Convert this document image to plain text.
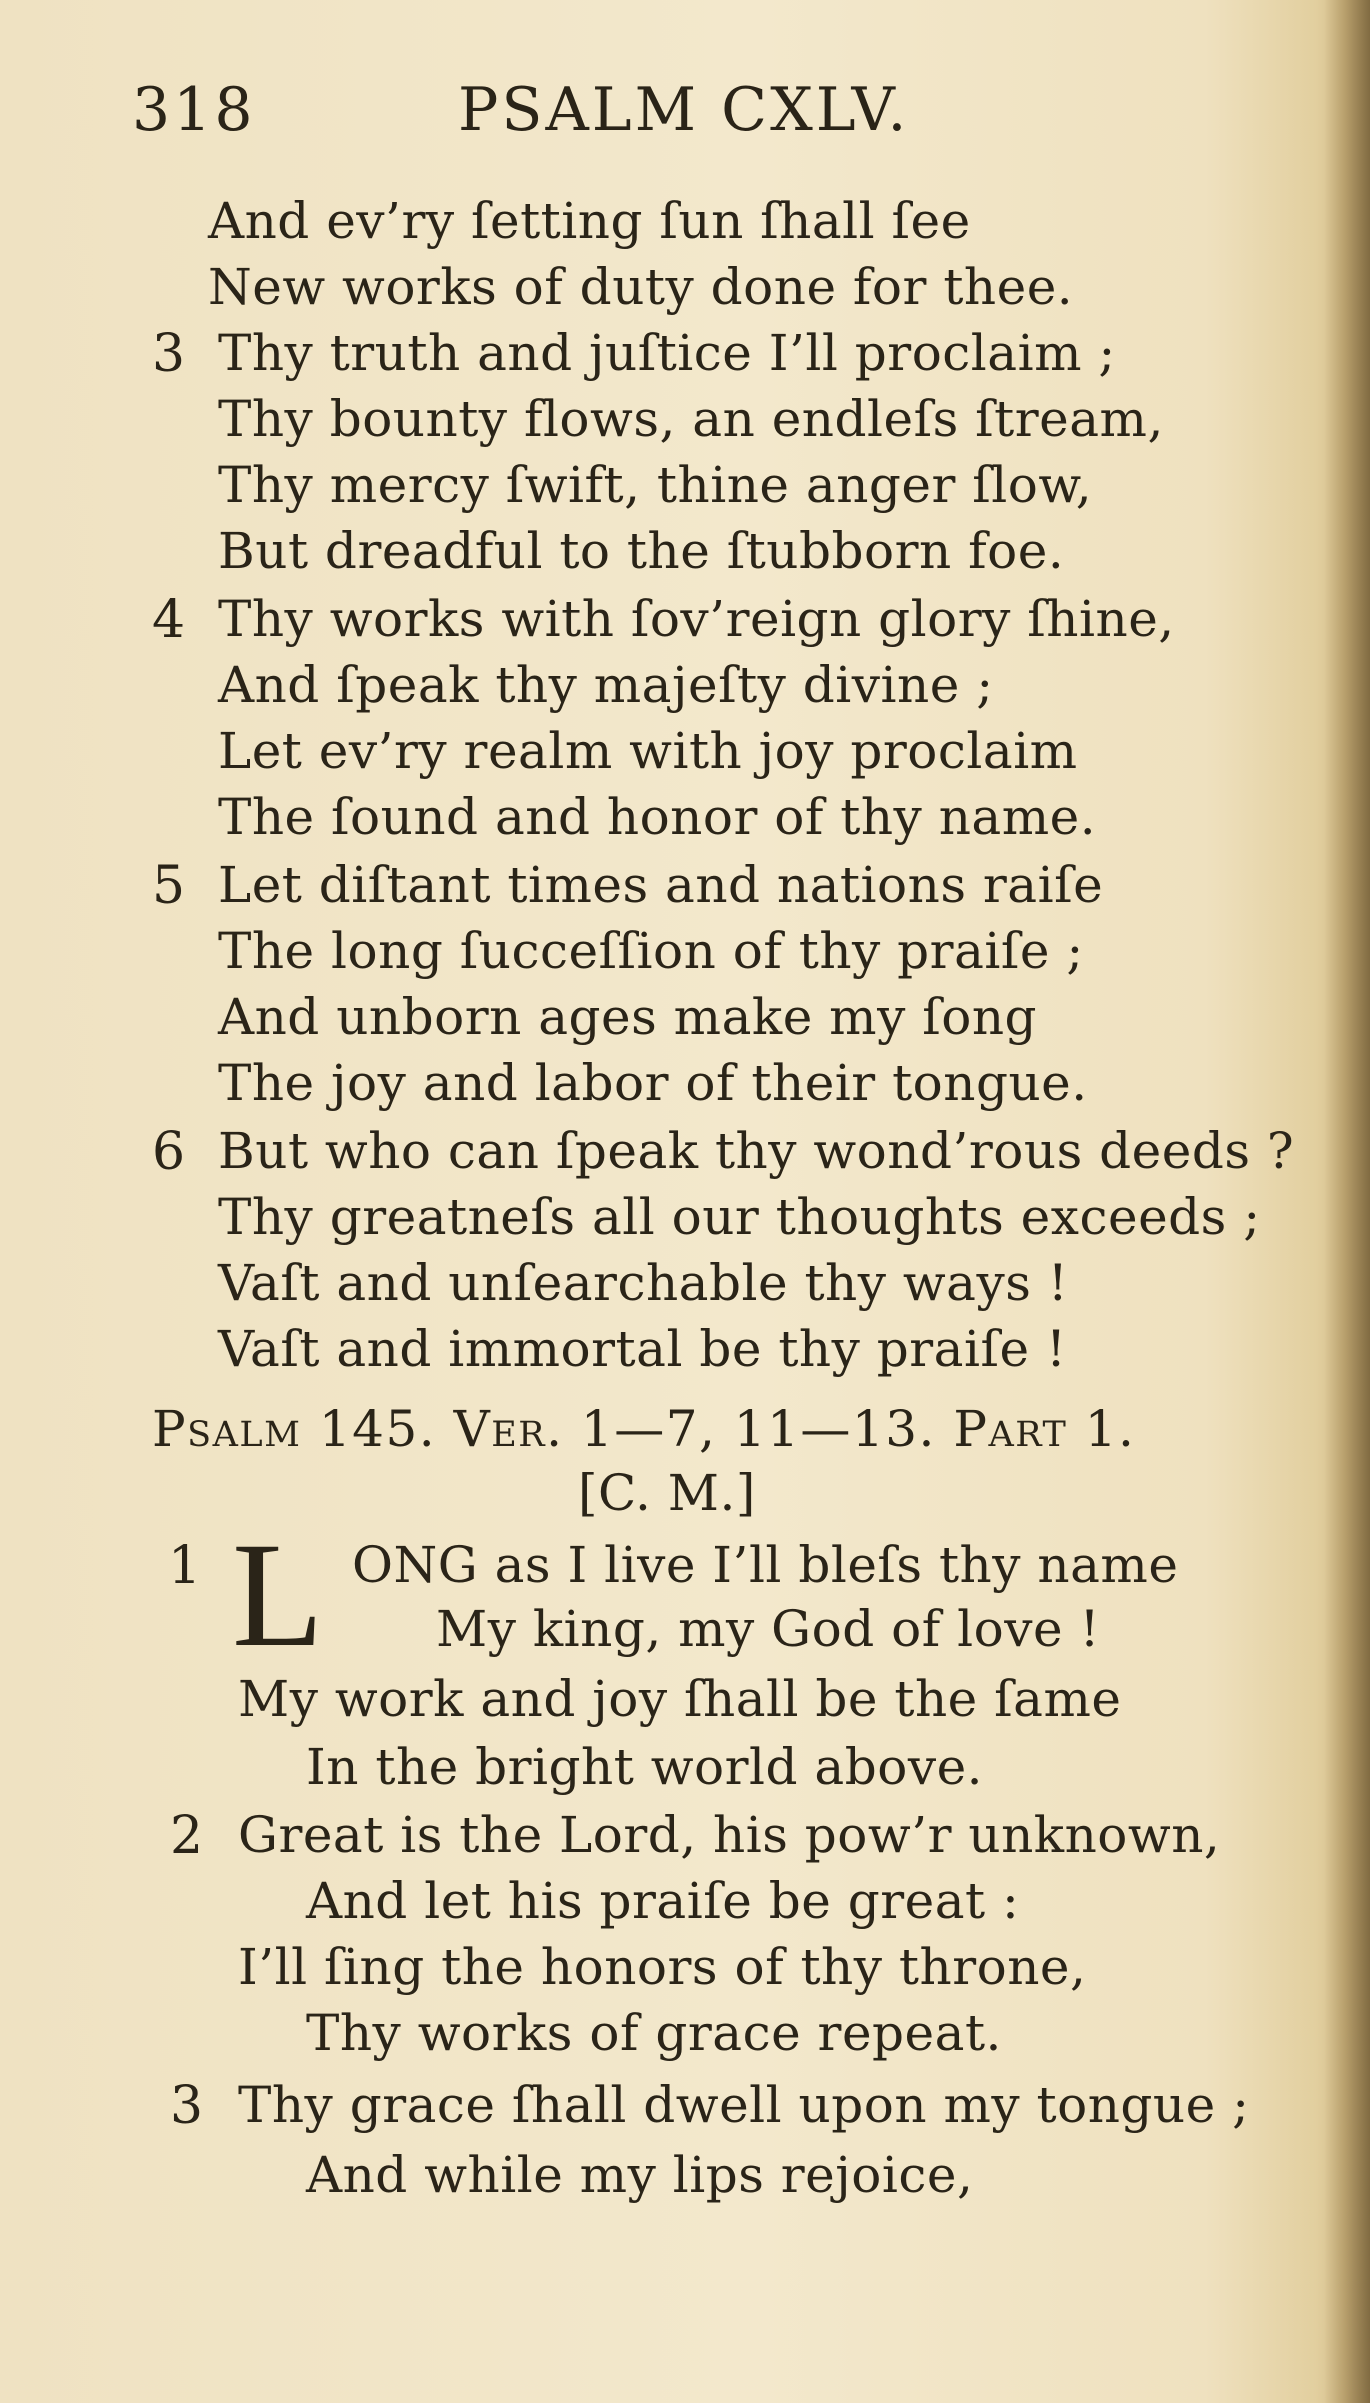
318	PSALM CXLV.
And ev’ry ſetting ſun ſhall ſee
New works of duty done for thee.
3 Thy truth and juſtice I’ll proclaim ;
Thy bounty flows, an endleſs ſtream,
Thy mercy ſwift, thine anger ſlow,
But dreadful to the ſtubborn foe.
4 Thy works with ſov’reign glory ſhine,
And ſpeak thy majeſty divine ;
Let ev’ry realm with joy proclaim
The ſound and honor of thy name.
5 Let diſtant times and nations raiſe
The long ſucceſſion of thy praiſe ;
And unborn ages make my ſong
The joy and labor of their tongue.
6 But who can ſpeak thy wond’rous deeds ?
Thy greatneſs all our thoughts exceeds ;
Vaſt and unſearchable thy ways !
Vaſt and immortal be thy praiſe !
Psalm 145. Ver. 1—7, 11—13. Part 1.
[C. M.]
1 L ONG as I live I’ll bleſs thy name
My king, my God of love !
My work and joy ſhall be the ſame
In the bright world above.
2 Great is the Lord, his pow’r unknown,
And let his praiſe be great :
I’ll ſing the honors of thy throne,
Thy works of grace repeat.
3 Thy grace ſhall dwell upon my tongue ;
And while my lips rejoice,
